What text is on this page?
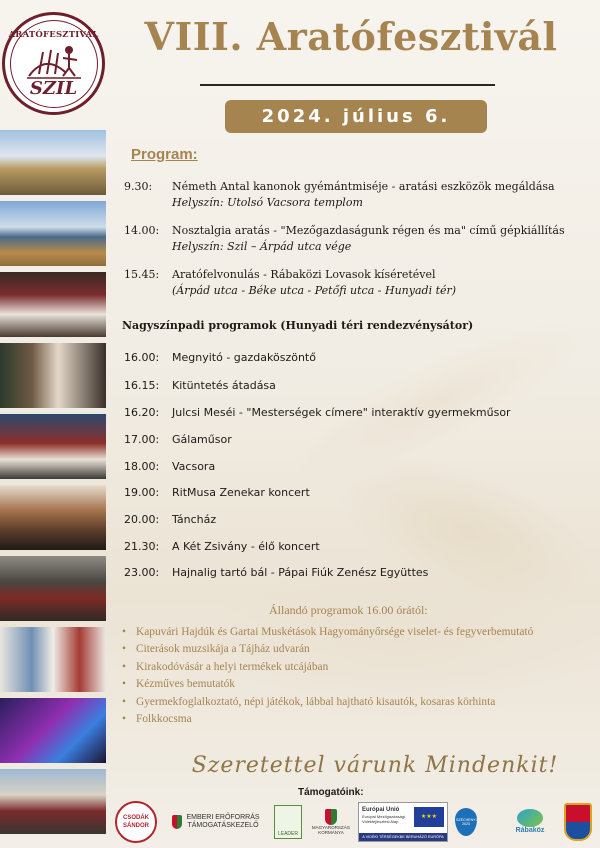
ARATÓFESZTIVÁL
SZIL
VIII. Aratófesztivál
2024. július 6.
Program:
9.30: Németh Antal kanonok gyémántmiséje - aratási eszközök megáldása
Helyszín: Utolsó Vacsora templom
14.00: Nosztalgia aratás - "Mezőgazdaságunk régen és ma" című gépkiállítás
Helyszín: Szil – Árpád utca vége
15.45: Aratófelvonulás - Rábaközi Lovasok kíséretével
(Árpád utca - Béke utca - Petőfi utca - Hunyadi tér)
Nagyszínpadi programok (Hunyadi téri rendezvénysátor)
16.00: Megnyitó - gazdaköszöntő
16.15: Kitüntetés átadása
16.20: Julcsi Meséi - "Mesterségek címere" interaktív gyermekműsor
17.00: Gálaműsor
18.00: Vacsora
19.00: RitMusa Zenekar koncert
20.00: Táncház
21.30: A Két Zsivány - élő koncert
23.00: Hajnalig tartó bál - Pápai Fiúk Zenész Együttes
Állandó programok 16.00 órától:
• Kapuvári Hajdúk és Gartai Muskétások Hagyományőrsége viselet- és fegyverbemutató
• Citerások muzsikája a Tájház udvarán
• Kirakodóvásár a helyi termékek utcájában
• Kézműves bemutatók
• Gyermekfoglalkoztató, népi játékok, lábbal hajtható kisautók, kosaras körhinta
• Folkkocsma
Szeretettel várunk Mindenkit!
Támogatóink:
CSODÁK SÁNDOR
EMBERI ERŐFORRÁS TÁMOGATÁSKEZELŐ
LEADER
MAGYARORSZÁG KORMÁNYA
Európai Unió
Európai Mezőgazdasági Vidékfejlesztési Alap
★★★
A VIDÉKI TÉRSÉGEKBE BERUHÁZÓ EURÓPA
SZÉCHENYI 2020
Rábaköz
